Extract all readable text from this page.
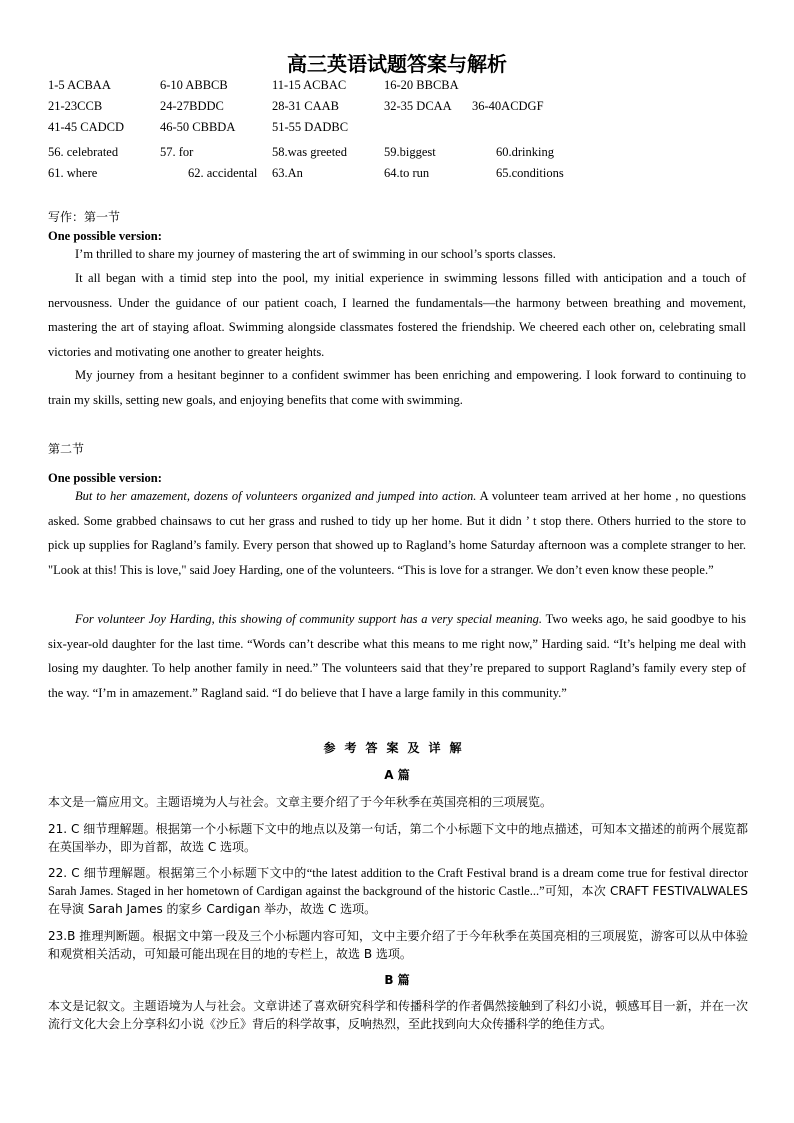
高三英语试题答案与解析
1-5 ACBAA	6-10 ABBCB	11-15 ACBAC	16-20 BBCBA
21-23CCB	24-27BDDC	28-31 CAAB	32-35 DCAA 36-40ACDGF
41-45 CADCD	46-50 CBBDA	51-55 DADBC
56. celebrated	57. for	58.was greeted	59.biggest	60.drinking
61. where	62. accidental 63.An	64.to run	65.conditions
写作：第一节
One possible version:
I’m thrilled to share my journey of mastering the art of swimming in our school’s sports classes.
It all began with a timid step into the pool, my initial experience in swimming lessons filled with anticipation and a touch of nervousness. Under the guidance of our patient coach, I learned the fundamentals—the harmony between breathing and movement, mastering the art of staying afloat. Swimming alongside classmates fostered the friendship. We cheered each other on, celebrating small victories and motivating one another to greater heights.
My journey from a hesitant beginner to a confident swimmer has been enriching and empowering. I look forward to continuing to train my skills, setting new goals, and enjoying benefits that come with swimming.
第二节
One possible version:
But to her amazement, dozens of volunteers organized and jumped into action. A volunteer team arrived at her home , no questions asked. Some grabbed chainsaws to cut her grass and rushed to tidy up her home. But it didn ’ t stop there. Others hurried to the store to pick up supplies for Ragland’s family. Every person that showed up to Ragland’s home Saturday afternoon was a complete stranger to her. "Look at this! This is love," said Joey Harding, one of the volunteers. “This is love for a stranger. We don’t even know these people.”
For volunteer Joy Harding, this showing of community support has a very special meaning. Two weeks ago, he said goodbye to his six-year-old daughter for the last time. “Words can’t describe what this means to me right now,” Harding said. “It’s helping me deal with losing my daughter. To help another family in need.” The volunteers said that they’re prepared to support Ragland’s family every step of the way. “I’m in amazement.” Ragland said. “I do believe that I have a large family in this community.”
参考答案及详解
A 篇
本文是一篇应用文。主题语境为人与社会。文章主要介绍了于今年秋季在英国亮相的三项展览。
21. C 细节理解题。根据第一个小标题下文中的地点以及第一句话，第二个小标题下文中的地点描述，可知本文描述的前两个展览都在英国举办，即为首都，故选 C 选项。
22. C 细节理解题。根据第三个小标题下文中的“the latest addition to the Craft Festival brand is a dream come true for festival director Sarah James. Staged in her hometown of Cardigan against the background of the historic Castle...”可知，本次 CRAFT FESTIVALWALES 在导演 Sarah James 的家乡 Cardigan 举办，故选 C 选项。
23.B 推理判断题。根据文中第一段及三个小标题内容可知，文中主要介绍了于今年秋季在英国亮相的三项展览，游客可以从中体验和观赏相关活动，可知最可能出现在目的地的专栏上，故选 B 选项。
B 篇
本文是记叙文。主题语境为人与社会。文章讲述了喜欢研究科学和传播科学的作者偶然接触到了科幻小说，顿感耳目一新，并在一次流行文化大会上分享科幻小说《沙丘》背后的科学故事，反响热烈，至此找到向大众传播科学的绝佳方式。
